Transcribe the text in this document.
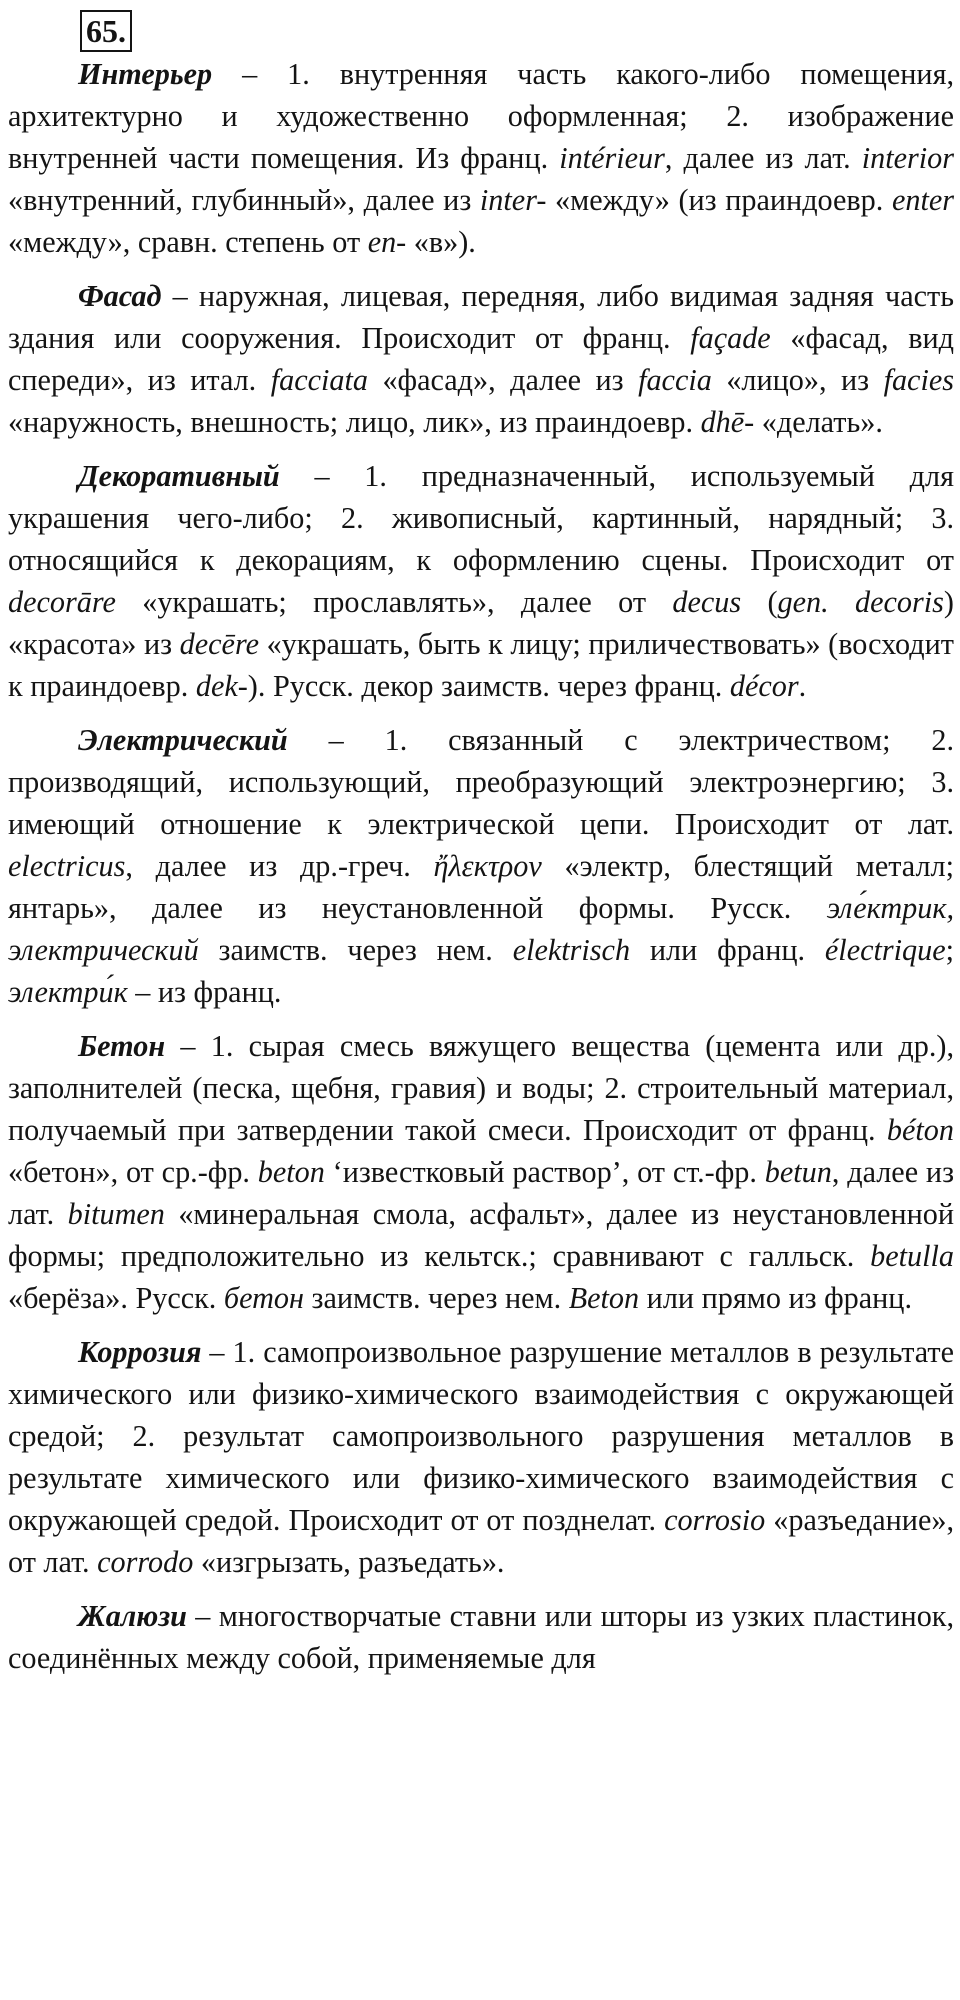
65.

Интерьер – 1. внутренняя часть какого-либо помещения, архитектурно и художественно оформленная; 2. изображение внутренней части помещения. Из франц. intérieur, далее из лат. interior «внутренний, глубинный», далее из inter- «между» (из праиндоевр. enter «между», сравн. степень от en- «в»).

Фасад – наружная, лицевая, передняя, либо видимая задняя часть здания или сооружения. Происходит от франц. façade «фасад, вид спереди», из итал. facciata «фасад», далее из faccia «лицо», из facies «наружность, внешность; лицо, лик», из праиндоевр. dhē- «делать».

Декоративный – 1. предназначенный, используемый для украшения чего-либо; 2. живописный, картинный, нарядный; 3. относящийся к декорациям, к оформлению сцены. Происходит от decorāre «украшать; прославлять», далее от decus (gen. decoris) «красота» из decēre «украшать, быть к лицу; приличествовать» (восходит к праиндоевр. dek-). Русск. декор заимств. через франц. décor.

Электрический – 1. связанный с электричеством; 2. производящий, использующий, преобразующий электроэнергию; 3. имеющий отношение к электрической цепи. Происходит от лат. electricus, далее из др.-греч. ἤλεκτρον «электр, блестящий металл; янтарь», далее из неустановленной формы. Русск. эле́ктрик, электрический заимств. через нем. elektrisch или франц. électrique; электри́к – из франц.

Бетон – 1. сырая смесь вяжущего вещества (цемента или др.), заполнителей (песка, щебня, гравия) и воды; 2. строительный материал, получаемый при затвердении такой смеси. Происходит от франц. béton «бетон», от ср.-фр. beton ‘известковый раствор’, от ст.-фр. betun, далее из лат. bitumen «минеральная смола, асфальт», далее из неустановленной формы; предположительно из кельтск.; сравнивают с галльск. betulla «берёза». Русск. бетон заимств. через нем. Beton или прямо из франц.

Коррозия – 1. самопроизвольное разрушение металлов в результате химического или физико-химического взаимодействия с окружающей средой; 2. результат самопроизвольного разрушения металлов в результате химического или физико-химического взаимодействия с окружающей средой. Происходит от от позднелат. corrosio «разъедание», от лат. corrodo «изгрызать, разъедать».

Жалюзи – многостворчатые ставни или шторы из узких пластинок, соединённых между собой, применяемые для
